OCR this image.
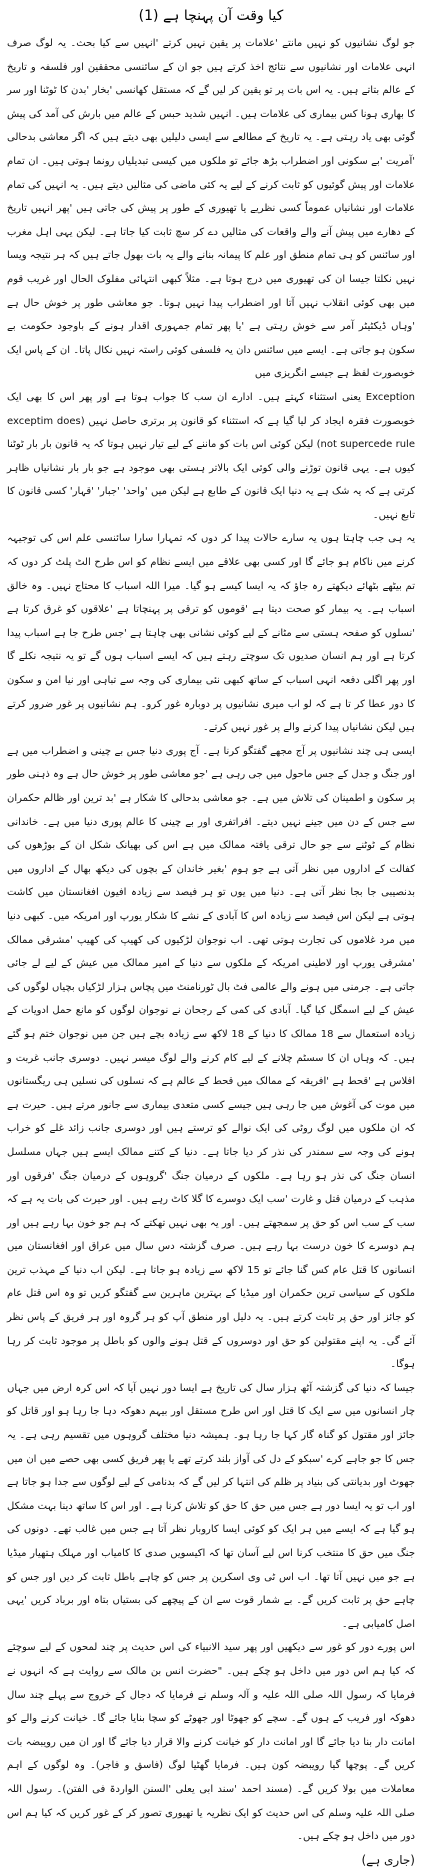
کیا وقت آن پہنچا ہے (1)

جو لوگ نشانیوں کو نہیں مانتے 'علامات پر یقین نہیں کرتے 'انہیں سے کیا بحث۔ یہ لوگ صرف انہی علامات اور نشانیوں سے نتائج اخذ کرتے ہیں جو ان کے سائنسی محققین اور فلسفہ و تاریخ کے عالم بتاتے ہیں۔ یہ اس بات پر تو یقین کر لیں گے کہ مستقل کھانسی 'بخار 'بدن کا ٹوٹنا اور سر کا بھاری ہونا کس بیماری کی علامات ہیں۔ انہیں شدید حبس کے عالم میں بارش کی آمد کی پیش گوئی بھی یاد رہتی ہے۔ یہ تاریخ کے مطالعے سے ایسی دلیلیں بھی دیتے ہیں کہ اگر معاشی بدحالی 'آمریت 'بے سکونی اور اضطراب بڑھ جائے تو ملکوں میں کیسی تبدیلیاں رونما ہوتی ہیں۔ ان تمام علامات اور پیش گوئیوں کو ثابت کرنے کے لیے یہ کئی ماضی کی مثالیں دیتے ہیں۔ یہ انہیں کی تمام علامات اور نشانیاں عموماً کسی نظریے یا تھیوری کے طور پر پیش کی جاتی ہیں 'پھر انہیں تاریخ کے دھارے میں پیش آنے والے واقعات کی مثالیں دے کر سچ ثابت کیا جاتا ہے۔ لیکن یہی اہل مغرب اور سائنس کو ہی تمام منطق اور علم کا پیمانہ بنانے والے یہ بات بھول جاتے ہیں کہ ہر نتیجہ ویسا نہیں نکلتا جیسا ان کی تھیوری میں درج ہوتا ہے۔ مثلاً کبھی انتہائی مفلوک الحال اور غریب قوم میں بھی کوئی انقلاب نہیں آتا اور اضطراب پیدا نہیں ہوتا۔ جو معاشی طور پر خوش حال ہے 'وہاں ڈیکٹیٹر آمر سے خوش رہتی ہے 'یا پھر تمام جمہوری اقدار ہونے کے باوجود حکومت بے سکون ہو جاتی ہے۔ ایسے میں سائنس دان یہ فلسفی کوئی راستہ نہیں نکال پاتا۔ ان کے پاس ایک خوبصورت لفظ ہے جیسے انگریزی میں

Exception یعنی استثناء کہتے ہیں۔ ادارے ان سب کا جواب ہوتا ہے اور پھر اس کا بھی ایک خوبصورت فقرہ ایجاد کر لیا گیا ہے کہ استثناء کو قانون پر برتری حاصل نہیں (exceptim does not supercede rule) لیکن کوئی اس بات کو ماننے کے لیے تیار نہیں ہوتا کہ یہ قانون بار بار ٹوٹنا کیوں ہے۔ یہی قانون توڑنے والی کوئی ایک بالاتر ہستی بھی موجود ہے جو بار بار نشانیاں ظاہر کرتی ہے کہ یہ شک ہے یہ دنیا ایک قانون کے طابع ہے لیکن میں 'واحد' 'جبار' 'قہار' کسی قانون کا تابع نہیں۔

یہ ہی جب چاہتا ہوں یہ سارے حالات پیدا کر دوں کہ تمہارا سارا سائنسی علم اس کی توجیہہ کرنے میں ناکام ہو جائے گا اور کسی بھی علاقے میں ایسے نظام کو اس طرح الٹ پلٹ کر دوں کہ تم بیٹھے بٹھائے دیکھتے رہ جاؤ کہ یہ ایسا کیسے ہو گیا۔ میرا اللہ اسباب کا محتاج نہیں۔ وہ خالق اسباب ہے۔ یہ بیمار کو صحت دیتا ہے 'قوموں کو ترقی پر پہنچاتا ہے 'علاقوں کو غرق کرتا ہے 'نسلوں کو صفحہ ہستی سے مٹانے کے لیے کوئی نشانی بھی چاہتا ہے 'جس طرح جا ہے اسباب پیدا کرتا ہے اور ہم انسان صدیوں تک سوچتے رہتے ہیں کہ ایسے اسباب ہوں گے تو یہ نتیجہ نکلے گا اور پھر اگلی دفعہ انہی اسباب کے ساتھ کبھی نئی بیماری کی وجہ سے تباہی اور نیا امن و سکون کا دور عطا کر تا ہے کہ لو اب میری نشانیوں پر دوبارہ غور کرو۔ ہم نشانیوں پر غور ضرور کرتے ہیں لیکن نشانیاں پیدا کرنے والے پر غور نہیں کرتے۔

ایسی ہی چند نشانیوں پر آج مجھے گفتگو کرنا ہے۔ آج پوری دنیا جس بے چینی و اضطراب میں ہے اور جنگ و جدل کے جس ماحول میں جی رہی ہے 'جو معاشی طور پر خوش حال ہے وہ ذہنی طور پر سکون و اطمینان کی تلاش میں ہے۔ جو معاشی بدحالی کا شکار ہے 'بد ترین اور ظالم حکمران سے جس کے دن میں جینے نہیں دیتے۔ افراتفری اور بے چینی کا عالم پوری دنیا میں ہے۔ خاندانی نظام کے ٹوٹنے سے جو حال ترقی یافتہ ممالک میں ہے اس کی بھیانک شکل ان کے بوڑھوں کی کفالت کے اداروں میں نظر آتی ہے جو ہوم 'بغیر خاندان کے بچوں کی دیکھ بھال کے اداروں میں بدنصیبی جا بجا نظر آتی ہے۔ دنیا میں یوں تو ہر فیصد سے زیادہ افیون افغانستان میں کاشت ہوتی ہے لیکن اس فیصد سے زیادہ اس کا آبادی کے نشے کا شکار یورپ اور امریکہ میں۔ کبھی دنیا میں مرد غلاموں کی تجارت ہوتی تھی۔ اب نوجوان لڑکیوں کی کھیپ کی کھیپ 'مشرقی ممالک 'مشرقی یورپ اور لاطینی امریکہ کے ملکوں سے دنیا کے امیر ممالک میں عیش کے لیے لے جائی جاتی ہے۔ جرمنی میں ہونے والے عالمی فٹ بال ٹورنامنٹ میں پچاس ہزار لڑکیاں بچیاں لوگوں کی عیش کے لیے اسمگل کیا گیا۔ آبادی کی کمی کے رجحان نے نوجوان لوگوں کو مانع حمل ادویات کے زیادہ استعمال سے 18 ممالک کا دنیا کے 18 لاکھ سے زیادہ بچے ہیں جن میں نوجوان ختم ہو گئے ہیں۔ کہ وہاں ان کا سسٹم چلانے کے لیے کام کرنے والے لوگ میسر نہیں۔ دوسری جانب غربت و افلاس ہے 'قحط ہے 'افریقہ کے ممالک میں قحط کے عالم ہے کہ نسلوں کی نسلیں ہی ریگستانوں میں موت کی آغوش میں جا رہی ہیں جیسے کسی متعدی بیماری سے جانور مرتے ہیں۔ حیرت ہے کہ ان ملکوں میں لوگ روٹی کی ایک نوالے کو ترستے ہیں اور دوسری جانب زائد غلے کو خراب ہونے کی وجہ سے سمندر کی نذر کر دیا جاتا ہے۔ دنیا کے کتنے ممالک ایسے ہیں جہاں مسلسل انسان جنگ کی نذر ہو رہا ہے۔ ملکوں کے درمیان جنگ 'گروہوں کے درمیان جنگ 'فرقوں اور مذہب کے درمیان قتل و غارت 'سب ایک دوسرے کا گلا کاٹ رہے ہیں۔ اور حیرت کی بات یہ ہے کہ سب کے سب اس کو حق پر سمجھتے ہیں۔ اور یہ بھی نہیں تھکتے کہ ہم جو خون بہا رہے ہیں اور ہم دوسرے کا خون درست بہا رہے ہیں۔ صرف گزشتہ دس سال میں عراق اور افغانستان میں انسانوں کا قتل عام کس گنا جائے تو 15 لاکھ سے زیادہ ہو جاتا ہے۔ لیکن اب دنیا کے مہذب ترین ملکوں کے سیاسی ترین حکمران اور میڈیا کے بہترین ماہرین سے گفتگو کریں تو وہ اس قتل عام کو جائز اور حق پر ثابت کرتے ہیں۔ یہ دلیل اور منطق آپ کو ہر گروہ اور ہر فریق کے پاس نظر آئے گی۔ یہ اپنے مقتولین کو حق اور دوسروں کے قتل ہونے والوں کو باطل پر موجود ثابت کر رہا ہوگا۔

جیسا کہ دنیا کی گزشتہ آٹھ ہزار سال کی تاریخ ہے ایسا دور نہیں آیا کہ اس کرہ ارض میں جہاں چار انسانوں میں سے ایک کا قتل اور اس طرح مستقل اور بیہم دھوکہ دہا جا رہا ہو اور قاتل کو جائز اور مقتول کو گناہ گار کہا جا رہا ہو۔ ہمیشہ دنیا مختلف گروہوں میں تقسیم رہی ہے۔ یہ جس کا جو جاہے کرے 'سبکو کے دل کی آواز بلند کرتے تھے یا پھر فریق کسی بھی حصے میں ان میں جھوٹ اور بدیانتی کی بنیاد پر ظلم کی انتہا کر لیں گے کہ بدنامی کے لیے لوگوں سے جدا ہو جاتا ہے اور اب تو یہ ایسا دور ہے جس میں حق کا حق کو تلاش کرنا ہے۔ اور اس کا ساتھ دینا بہت مشکل ہو گیا ہے کہ ایسے میں ہر ایک کو کوئی ایسا کاروبار نظر آتا ہے جس میں غالب تھے۔ دونوں کی جنگ میں حق کا منتخب کرنا اس لیے آسان تھا کہ اکیسویں صدی کا کامیاب اور مہلک ہتھیار میڈیا ہے جو میں نہیں آتا تھا۔ اب اس ٹی وی اسکرین پر جس کو چاہے باطل ثابت کر دیں اور جس کو چاہے حق پر ثابت کریں گے۔ بے شمار قوت سے ان کے پیچھے کی بستیاں بتاہ اور برباد کریں 'یہی اصل کامیابی ہے۔

اس پورے دور کو غور سے دیکھیں اور پھر سید الانبیاء کی اس حدیث پر چند لمحوں کے لیے سوچئے کہ کیا ہم اس دور میں داخل ہو چکے ہیں۔ "حضرت انس بن مالک سے روایت ہے کہ انہوں نے فرمایا کہ رسول اللہ صلی اللہ علیہ و آلہ وسلم نے فرمایا کہ دجال کے خروج سے پہلے چند سال دھوکہ اور فریب کے ہوں گے۔ سچے کو جھوٹا اور جھوٹے کو سچا بنایا جائے گا۔ خیانت کرنے والے کو امانت دار بنا دیا جائے گا اور امانت دار کو خیانت کرنے والا قرار دیا جائے گا اور ان میں رویبضہ بات کریں گے۔ پوچھا گیا رویبضہ کون ہیں۔ فرمایا گھٹیا لوگ (فاسق و فاجر)۔ وہ لوگوں کے اہم معاملات میں بولا کریں گے۔ (مسند احمد 'سند ابی یعلی 'السنن الواردۃ فی الفتن)۔ رسول اللہ صلی اللہ علیہ وسلم کی اس حدیث کو ایک نظریہ یا تھیوری تصور کر کے غور کریں کہ کیا ہم اس دور میں داخل ہو چکے ہیں۔

(جاری ہے)
